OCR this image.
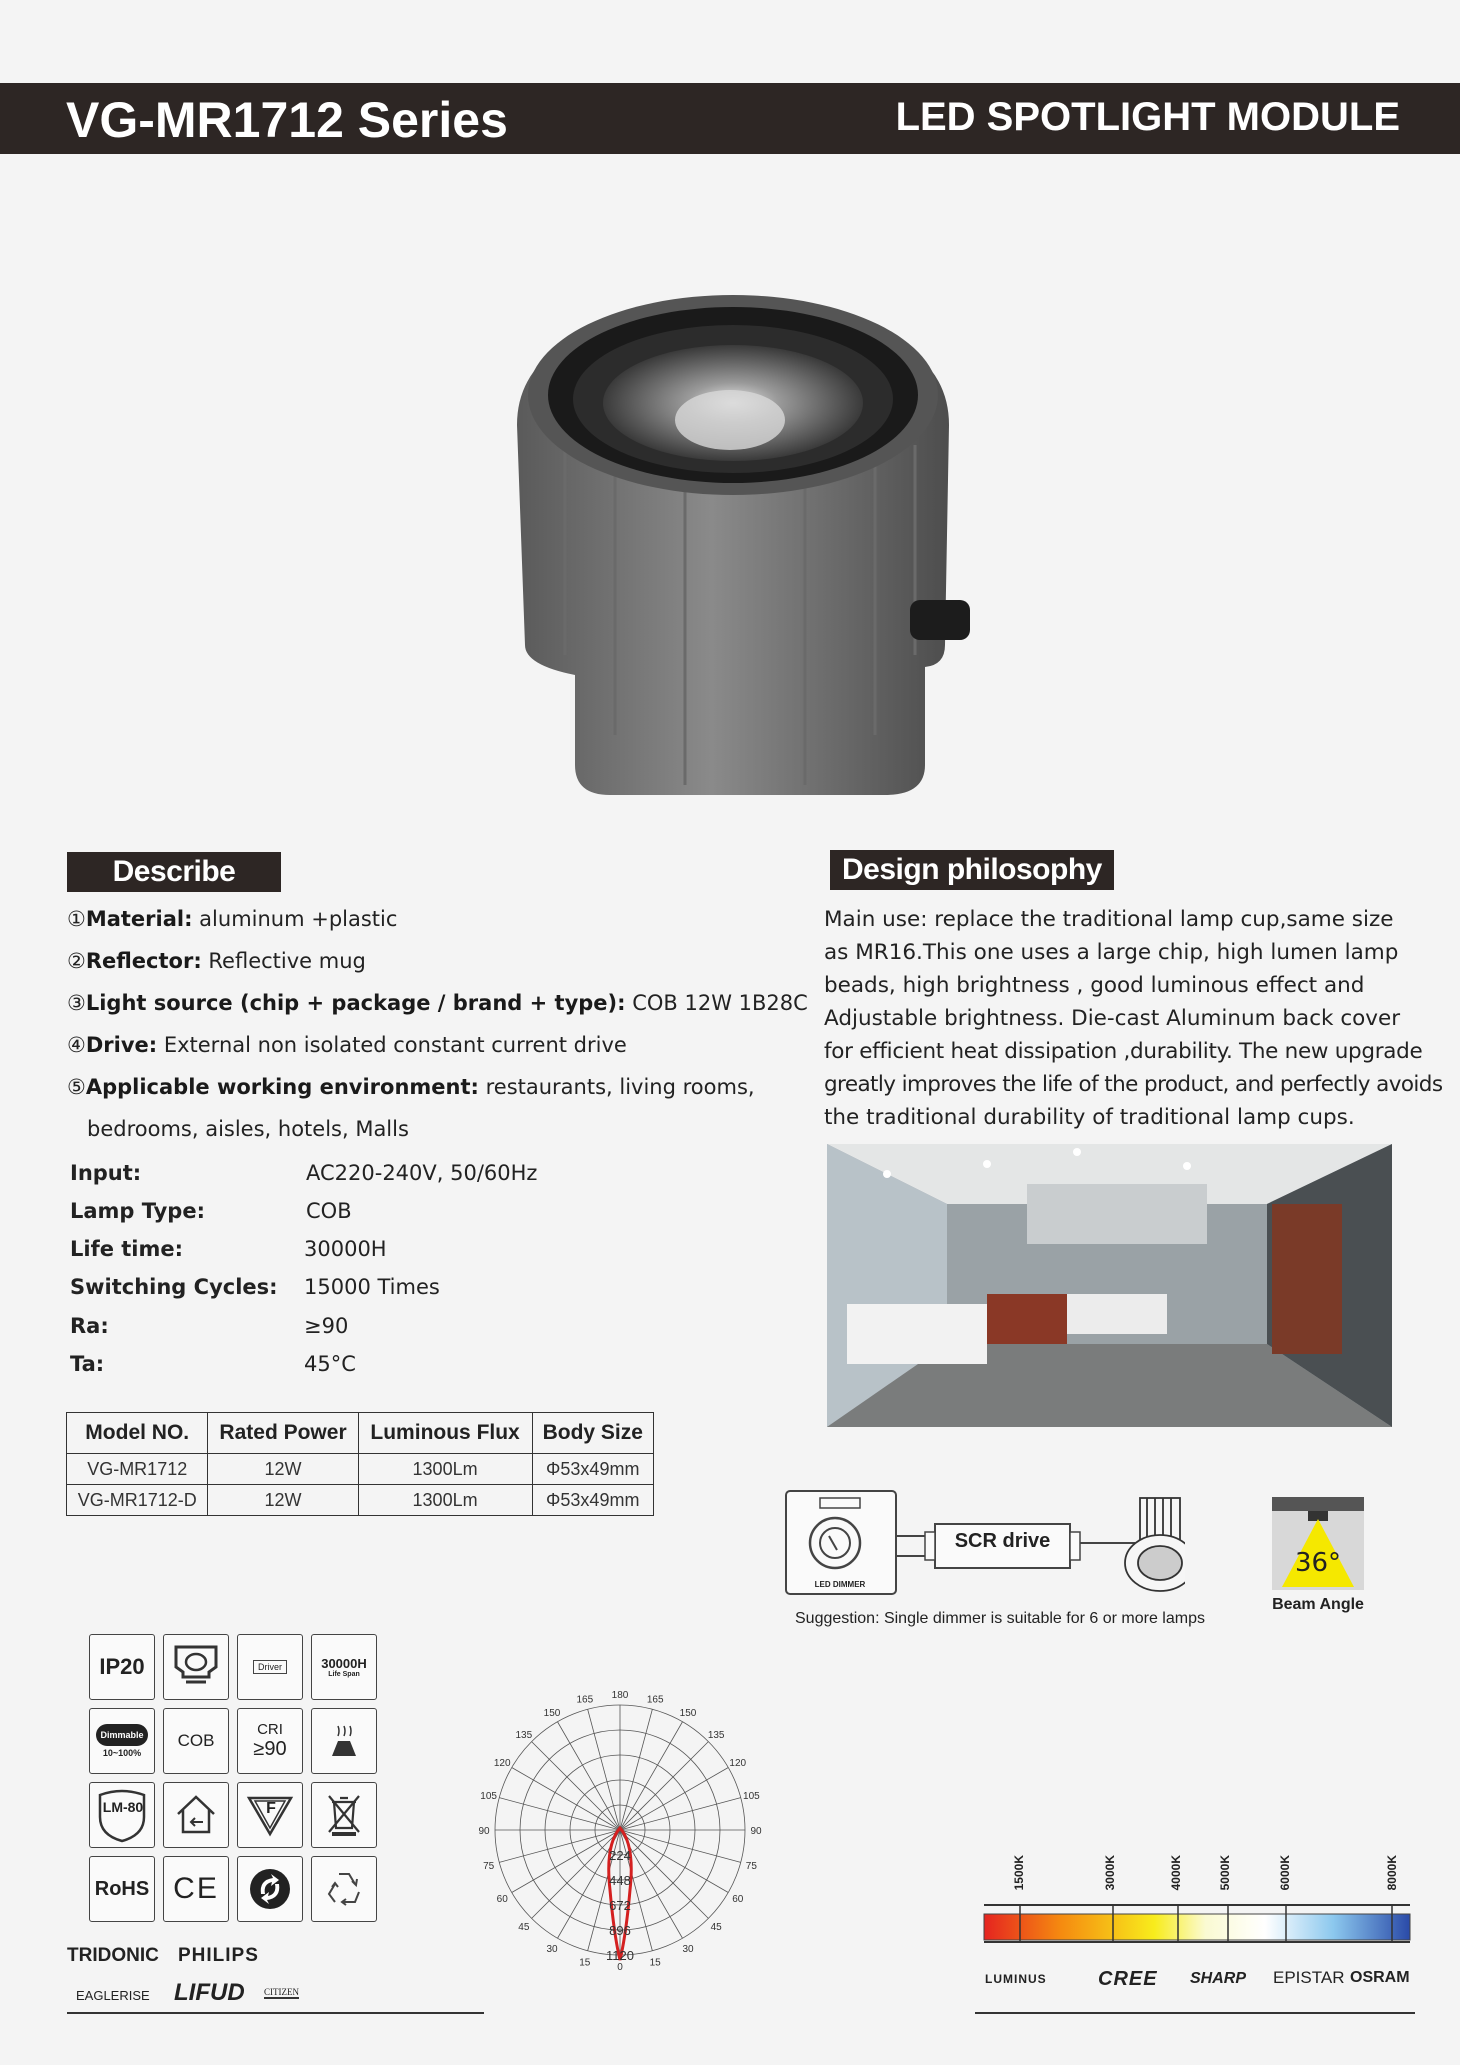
VG-MR1712 Series	LED SPOTLIGHT MODULE
Describe
①Material: aluminum +plastic
②Reflector: Reflective mug
③Light source (chip + package / brand + type): COB 12W 1B28C
④Drive: External non isolated constant current drive
⑤Applicable working environment: restaurants, living rooms,
bedrooms, aisles, hotels, Malls
Input:	AC220-240V, 50/60Hz
Lamp Type:	COB
Life time:	30000H
Switching Cycles: 15000 Times
Ra:	≥90
Ta:	45°C
Model NO.	Rated Power	Luminous Flux	Body Size
VG-MR1712	12W	1300Lm	Φ53x49mm
VG-MR1712-D	12W	1300Lm	Φ53x49mm
Design philosophy
Main use: replace the traditional lamp cup,same size
as MR16.This one uses a large chip, high lumen lamp
beads, high brightness , good luminous effect and
Adjustable brightness. Die-cast Aluminum back cover
for efficient heat dissipation ,durability. The new upgrade
greatly improves the life of the product, and perfectly avoids
the traditional durability of traditional lamp cups.
LED DIMMER
SCR drive
Suggestion: Single dimmer is suitable for 6 or more lamps
36°
Beam Angle
IP20	Driver	30000H
Life Span
Dimmable
10~100%
COB
CRI
≥90
LM-80	F
RoHS CE
180
165	165
150	150
135	135
120	120
105	105
90	90
75	75
60	60
45	45
30	30
15	15
0
224
448
672
896
1120
TRIDONIC PHILIPS
EAGLERISE LIFUD CITIZEN
1500K	3000K	4000K	5000K	6000K	8000K
LUMINUS	CREE SHARP EPISTAR OSRAM
